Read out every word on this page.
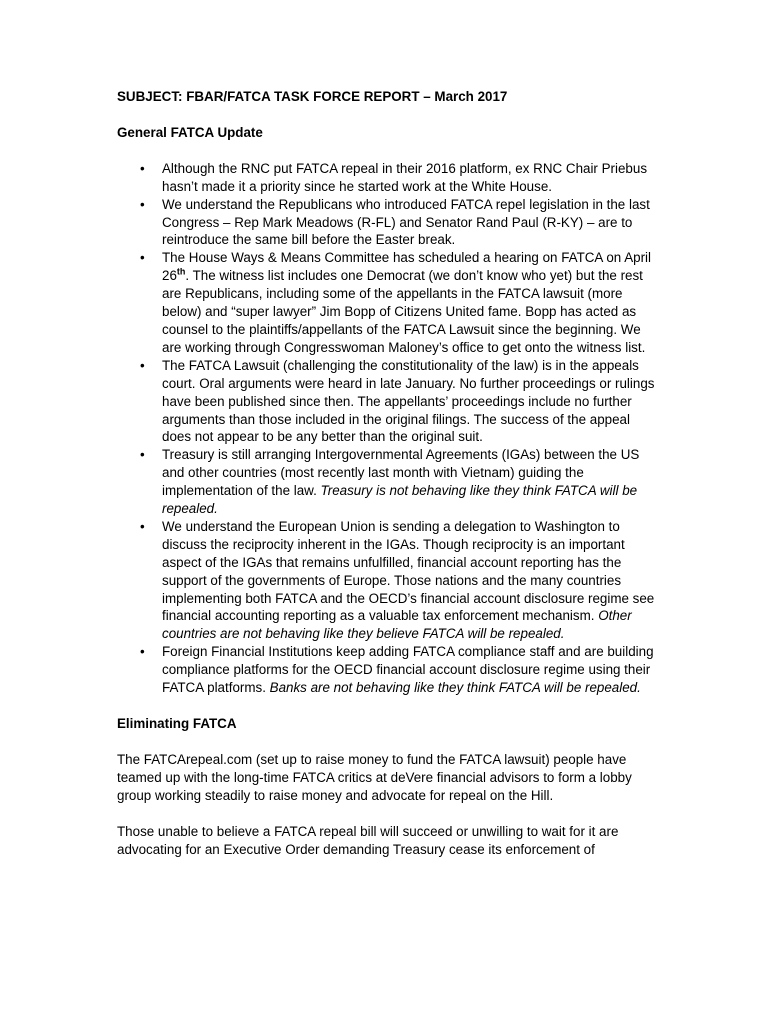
SUBJECT: FBAR/FATCA TASK FORCE REPORT – March 2017
General FATCA Update
• Although the RNC put FATCA repeal in their 2016 platform, ex RNC Chair Priebus hasn’t made it a priority since he started work at the White House.
• We understand the Republicans who introduced FATCA repel legislation in the last Congress – Rep Mark Meadows (R-FL) and Senator Rand Paul (R-KY) – are to reintroduce the same bill before the Easter break.
• The House Ways & Means Committee has scheduled a hearing on FATCA on April 26th. The witness list includes one Democrat (we don’t know who yet) but the rest are Republicans, including some of the appellants in the FATCA lawsuit (more below) and “super lawyer” Jim Bopp of Citizens United fame. Bopp has acted as counsel to the plaintiffs/appellants of the FATCA Lawsuit since the beginning. We are working through Congresswoman Maloney’s office to get onto the witness list.
• The FATCA Lawsuit (challenging the constitutionality of the law) is in the appeals court. Oral arguments were heard in late January. No further proceedings or rulings have been published since then. The appellants’ proceedings include no further arguments than those included in the original filings. The success of the appeal does not appear to be any better than the original suit.
• Treasury is still arranging Intergovernmental Agreements (IGAs) between the US and other countries (most recently last month with Vietnam) guiding the implementation of the law. Treasury is not behaving like they think FATCA will be repealed.
• We understand the European Union is sending a delegation to Washington to discuss the reciprocity inherent in the IGAs. Though reciprocity is an important aspect of the IGAs that remains unfulfilled, financial account reporting has the support of the governments of Europe. Those nations and the many countries implementing both FATCA and the OECD’s financial account disclosure regime see financial accounting reporting as a valuable tax enforcement mechanism. Other countries are not behaving like they believe FATCA will be repealed.
• Foreign Financial Institutions keep adding FATCA compliance staff and are building compliance platforms for the OECD financial account disclosure regime using their FATCA platforms. Banks are not behaving like they think FATCA will be repealed.
Eliminating FATCA

The FATCArepeal.com (set up to raise money to fund the FATCA lawsuit) people have teamed up with the long-time FATCA critics at deVere financial advisors to form a lobby group working steadily to raise money and advocate for repeal on the Hill.

Those unable to believe a FATCA repeal bill will succeed or unwilling to wait for it are advocating for an Executive Order demanding Treasury cease its enforcement of
